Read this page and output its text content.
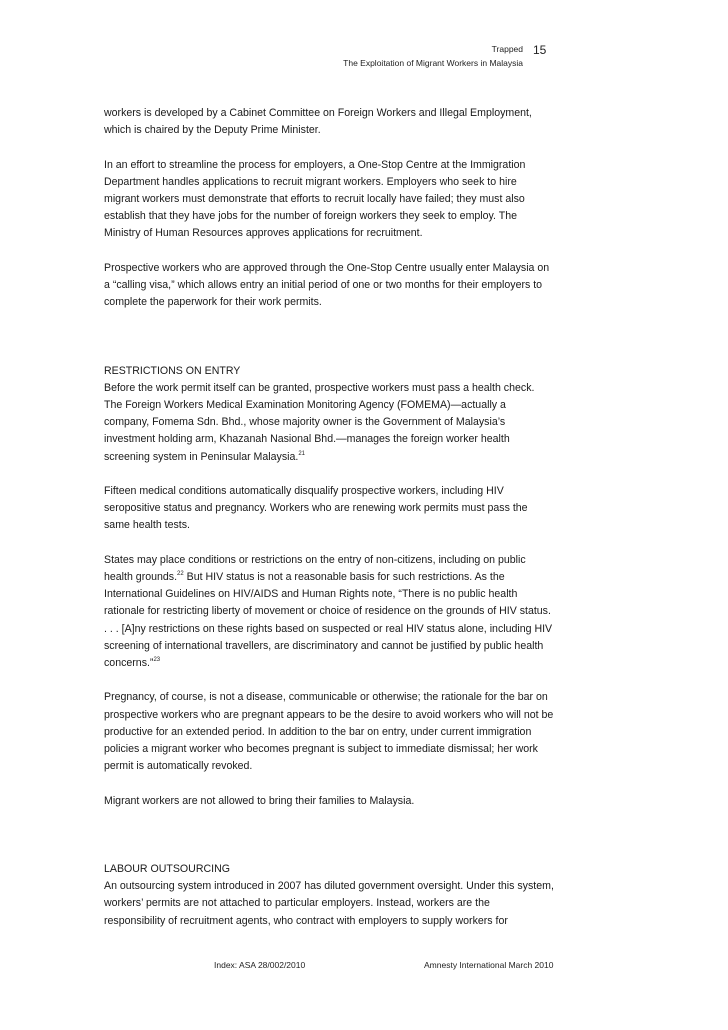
Trapped
The Exploitation of Migrant Workers in Malaysia
15

workers is developed by a Cabinet Committee on Foreign Workers and Illegal Employment, which is chaired by the Deputy Prime Minister.

In an effort to streamline the process for employers, a One-Stop Centre at the Immigration Department handles applications to recruit migrant workers. Employers who seek to hire migrant workers must demonstrate that efforts to recruit locally have failed; they must also establish that they have jobs for the number of foreign workers they seek to employ. The Ministry of Human Resources approves applications for recruitment.

Prospective workers who are approved through the One-Stop Centre usually enter Malaysia on a “calling visa,” which allows entry an initial period of one or two months for their employers to complete the paperwork for their work permits.

RESTRICTIONS ON ENTRY

Before the work permit itself can be granted, prospective workers must pass a health check. The Foreign Workers Medical Examination Monitoring Agency (FOMEMA)—actually a company, Fomema Sdn. Bhd., whose majority owner is the Government of Malaysia’s investment holding arm, Khazanah Nasional Bhd.—manages the foreign worker health screening system in Peninsular Malaysia.$^{21}$

Fifteen medical conditions automatically disqualify prospective workers, including HIV seropositive status and pregnancy. Workers who are renewing work permits must pass the same health tests.

States may place conditions or restrictions on the entry of non-citizens, including on public health grounds.$^{22}$ But HIV status is not a reasonable basis for such restrictions. As the International Guidelines on HIV/AIDS and Human Rights note, “There is no public health rationale for restricting liberty of movement or choice of residence on the grounds of HIV status. . . . [A]ny restrictions on these rights based on suspected or real HIV status alone, including HIV screening of international travellers, are discriminatory and cannot be justified by public health concerns.”$^{23}$

Pregnancy, of course, is not a disease, communicable or otherwise; the rationale for the bar on prospective workers who are pregnant appears to be the desire to avoid workers who will not be productive for an extended period. In addition to the bar on entry, under current immigration policies a migrant worker who becomes pregnant is subject to immediate dismissal; her work permit is automatically revoked.

Migrant workers are not allowed to bring their families to Malaysia.

LABOUR OUTSOURCING

An outsourcing system introduced in 2007 has diluted government oversight. Under this system, workers’ permits are not attached to particular employers. Instead, workers are the responsibility of recruitment agents, who contract with employers to supply workers for

Index: ASA 28/002/2010	Amnesty International March 2010
